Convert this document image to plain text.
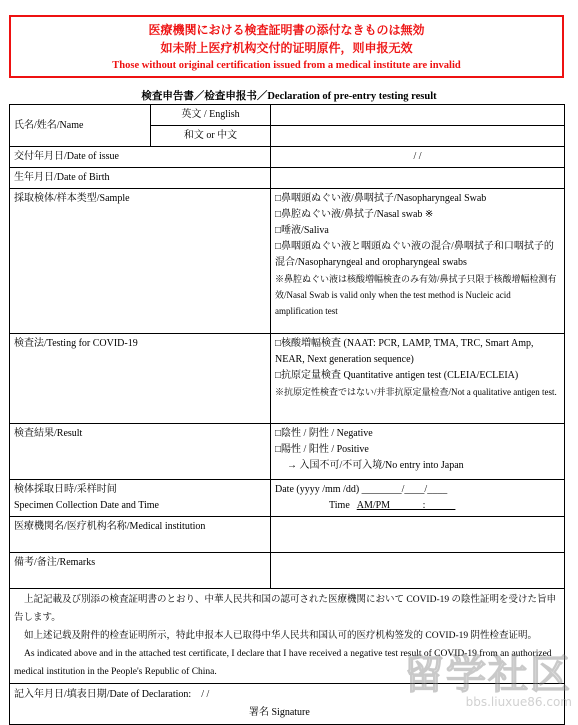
医療機関における検査証明書の添付なきものは無効
如未附上医疗机构交付的证明原件，则申报无效
Those without original certification issued from a medical institute are invalid
検査申告書／检查申报书／Declaration of pre-entry testing result
氏名/姓名/Name	英文 / English	
	和文 or 中文	
交付年月日/Date of issue		/ /
生年月日/Date of Birth		
採取検体/样本类型/Sample		□鼻咽頭ぬぐい液/鼻咽拭子/Nasopharyngeal Swab
□鼻腔ぬぐい液/鼻拭子/Nasal swab ※
□唾液/Saliva
□鼻咽頭ぬぐい液と咽頭ぬぐい液の混合/鼻咽拭子和口咽拭子的混合/Nasopharyngeal and oropharyngeal swabs
※鼻腔ぬぐい液は核酸増幅検査のみ有効/鼻拭子只限于核酸增幅检测有效/Nasal Swab is valid only when the test method is Nucleic acid amplification test

検査法/Testing for COVID-19		□核酸増幅検査 (NAAT: PCR, LAMP, TMA, TRC, Smart Amp, NEAR, Next generation sequence)
□抗原定量検査 Quantitative antigen test (CLEIA/ECLEIA)
※抗原定性検査ではない/并非抗原定量检查/Not a qualitative antigen test.

検査結果/Result		□陰性 / 阴性 / Negative
□陽性 / 阳性 / Positive
→ 入国不可/不可入境/No entry into Japan

検体採取日時/采样时间
Specimen Collection Date and Time		Date (yyyy /mm /dd) ________/____/____
Time AM/PM ______:______

医療機関名/医疗机构名称/Medical institution		
備考/备注/Remarks		

上記記載及び別添の検査証明書のとおり、中華人民共和国の認可された医療機関において COVID-19 の陰性証明を受けた旨申告します。

如上述记载及附件的检查证明所示，特此申报本人已取得中华人民共和国认可的医疗机构签发的 COVID-19 阴性检查证明。

As indicated above and in the attached test certificate, I declare that I have received a negative test result of COVID-19 from an authorized medical institution in the People's Republic of China.		

記入年月日/填表日期/Date of Declaration: / /
署名 Signature		
留学社区
bbs.liuxue86.com
